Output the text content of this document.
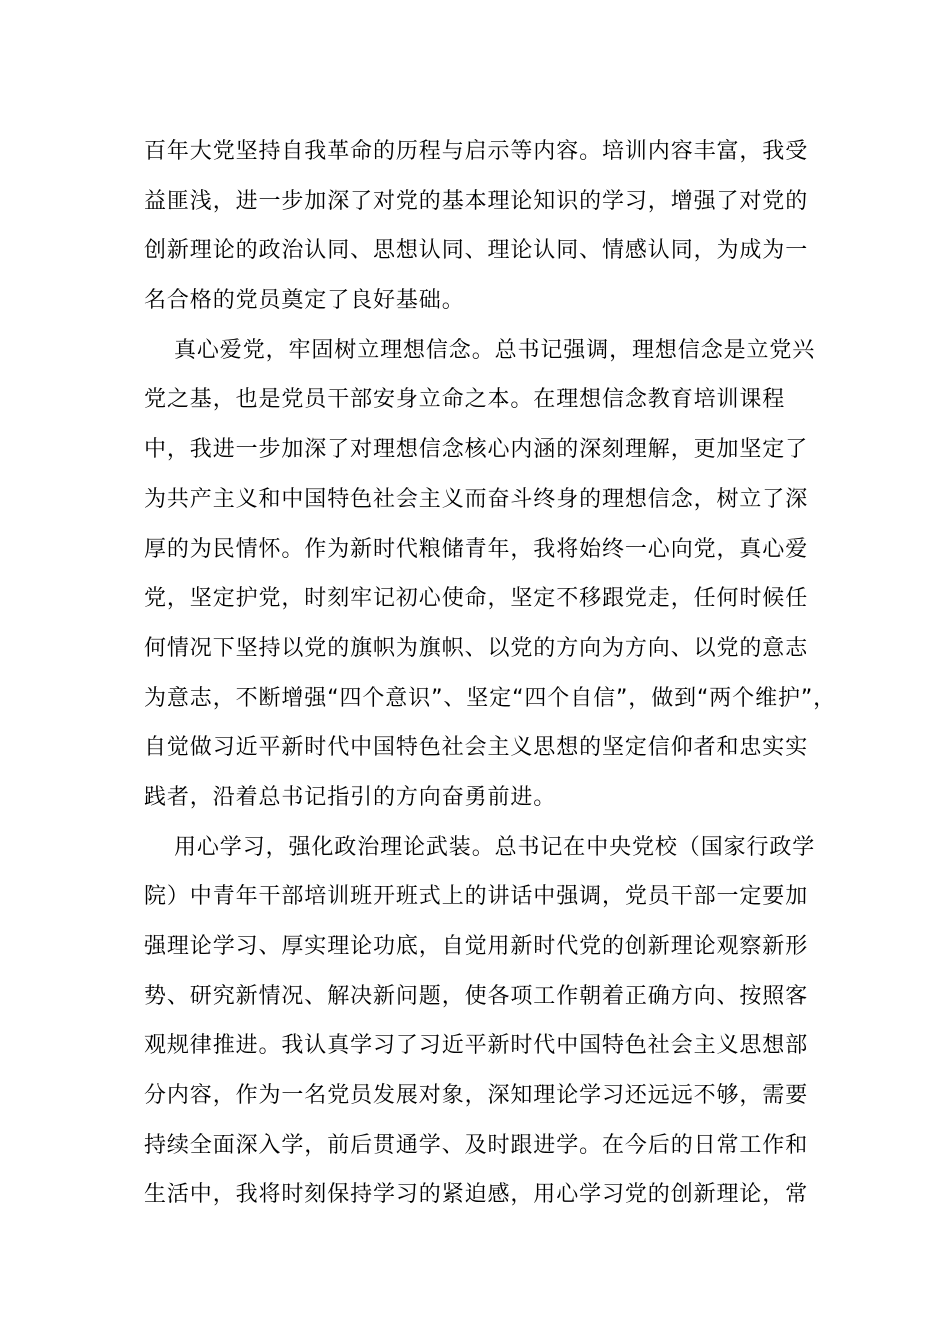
百年大党坚持自我革命的历程与启示等内容。培训内容丰富，我受
益匪浅，进一步加深了对党的基本理论知识的学习，增强了对党的
创新理论的政治认同、思想认同、理论认同、情感认同，为成为一
名合格的党员奠定了良好基础。
真心爱党，牢固树立理想信念。总书记强调，理想信念是立党兴
党之基，也是党员干部安身立命之本。在理想信念教育培训课程
中，我进一步加深了对理想信念核心内涵的深刻理解，更加坚定了
为共产主义和中国特色社会主义而奋斗终身的理想信念，树立了深
厚的为民情怀。作为新时代粮储青年，我将始终一心向党，真心爱
党，坚定护党，时刻牢记初心使命，坚定不移跟党走，任何时候任
何情况下坚持以党的旗帜为旗帜、以党的方向为方向、以党的意志
为意志，不断增强“四个意识”、坚定“四个自信”，做到“两个维护”，
自觉做习近平新时代中国特色社会主义思想的坚定信仰者和忠实实
践者，沿着总书记指引的方向奋勇前进。
用心学习，强化政治理论武装。总书记在中央党校（国家行政学
院）中青年干部培训班开班式上的讲话中强调，党员干部一定要加
强理论学习、厚实理论功底，自觉用新时代党的创新理论观察新形
势、研究新情况、解决新问题，使各项工作朝着正确方向、按照客
观规律推进。我认真学习了习近平新时代中国特色社会主义思想部
分内容，作为一名党员发展对象，深知理论学习还远远不够，需要
持续全面深入学，前后贯通学、及时跟进学。在今后的日常工作和
生活中，我将时刻保持学习的紧迫感，用心学习党的创新理论，常
